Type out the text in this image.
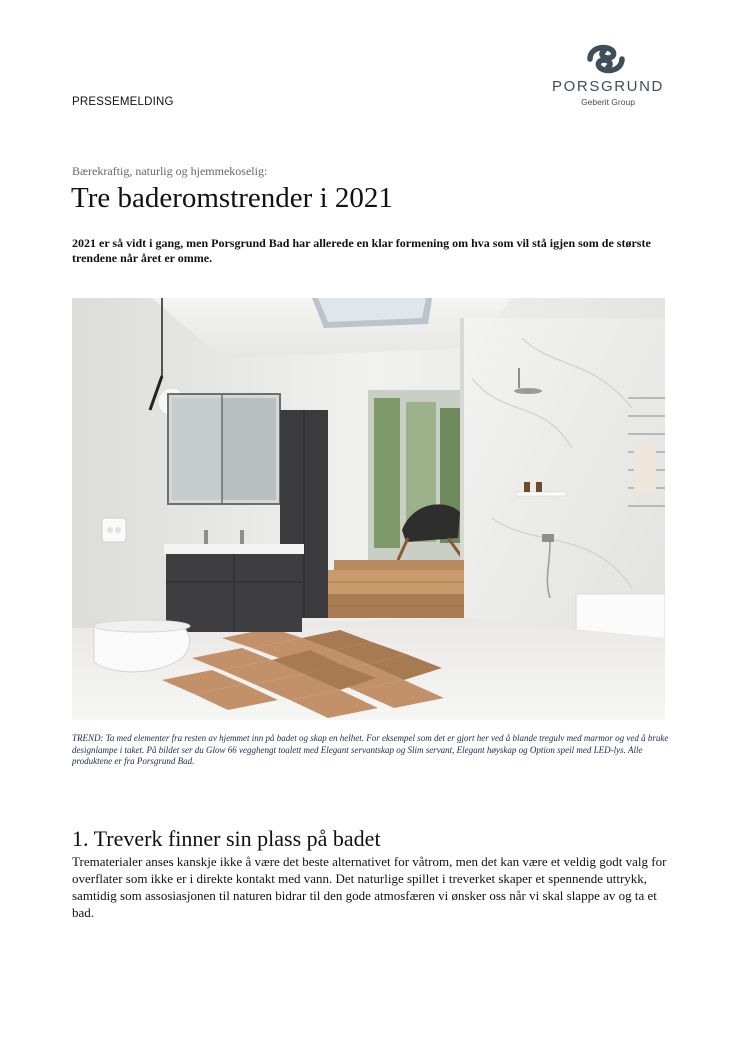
PRESSEMELDING
PORSGRUND
Geberit Group
Bærekraftig, naturlig og hjemmekoselig:
Tre baderomstrender i 2021
2021 er så vidt i gang, men Porsgrund Bad har allerede en klar formening om hva som vil stå igjen som de største trendene når året er omme.
TREND: Ta med elementer fra resten av hjemmet inn på badet og skap en helhet. For eksempel som det er gjort her ved å blande tregulv med marmor og ved å bruke designlampe i taket. På bildet ser du Glow 66 vegghengt toalett med Elegant servantskap og Slim servant, Elegant høyskap og Option speil med LED-lys. Alle produktene er fra Porsgrund Bad.
1. Treverk finner sin plass på badet
Trematerialer anses kanskje ikke å være det beste alternativet for våtrom, men det kan være et veldig godt valg for overflater som ikke er i direkte kontakt med vann. Det naturlige spillet i treverket skaper et spennende uttrykk, samtidig som assosiasjonen til naturen bidrar til den gode atmosfæren vi ønsker oss når vi skal slappe av og ta et bad.
